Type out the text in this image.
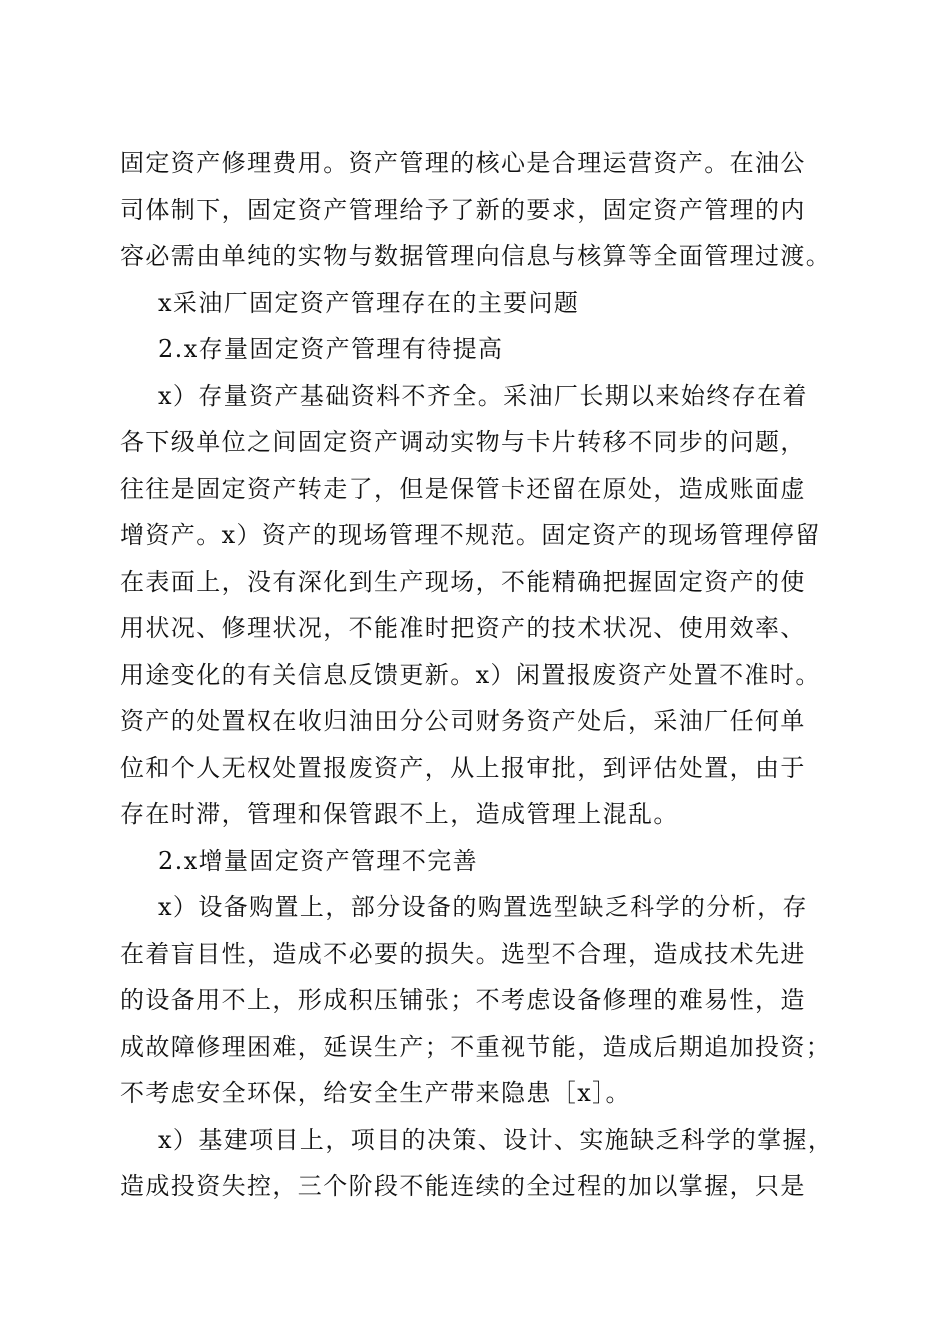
固定资产修理费用。资产管理的核心是合理运营资产。在油公
司体制下，固定资产管理给予了新的要求，固定资产管理的内
容必需由单纯的实物与数据管理向信息与核算等全面管理过渡。
x采油厂固定资产管理存在的主要问题
2.x存量固定资产管理有待提高
x）存量资产基础资料不齐全。采油厂长期以来始终存在着
各下级单位之间固定资产调动实物与卡片转移不同步的问题，
往往是固定资产转走了，但是保管卡还留在原处，造成账面虚
增资产。x）资产的现场管理不规范。固定资产的现场管理停留
在表面上，没有深化到生产现场，不能精确把握固定资产的使
用状况、修理状况，不能准时把资产的技术状况、使用效率、
用途变化的有关信息反馈更新。x）闲置报废资产处置不准时。
资产的处置权在收归油田分公司财务资产处后，采油厂任何单
位和个人无权处置报废资产，从上报审批，到评估处置，由于
存在时滞，管理和保管跟不上，造成管理上混乱。
2.x增量固定资产管理不完善
x）设备购置上，部分设备的购置选型缺乏科学的分析，存
在着盲目性，造成不必要的损失。选型不合理，造成技术先进
的设备用不上，形成积压铺张；不考虑设备修理的难易性，造
成故障修理困难，延误生产；不重视节能，造成后期追加投资；
不考虑安全环保，给安全生产带来隐患［x］。
x）基建项目上，项目的决策、设计、实施缺乏科学的掌握，
造成投资失控，三个阶段不能连续的全过程的加以掌握，只是
